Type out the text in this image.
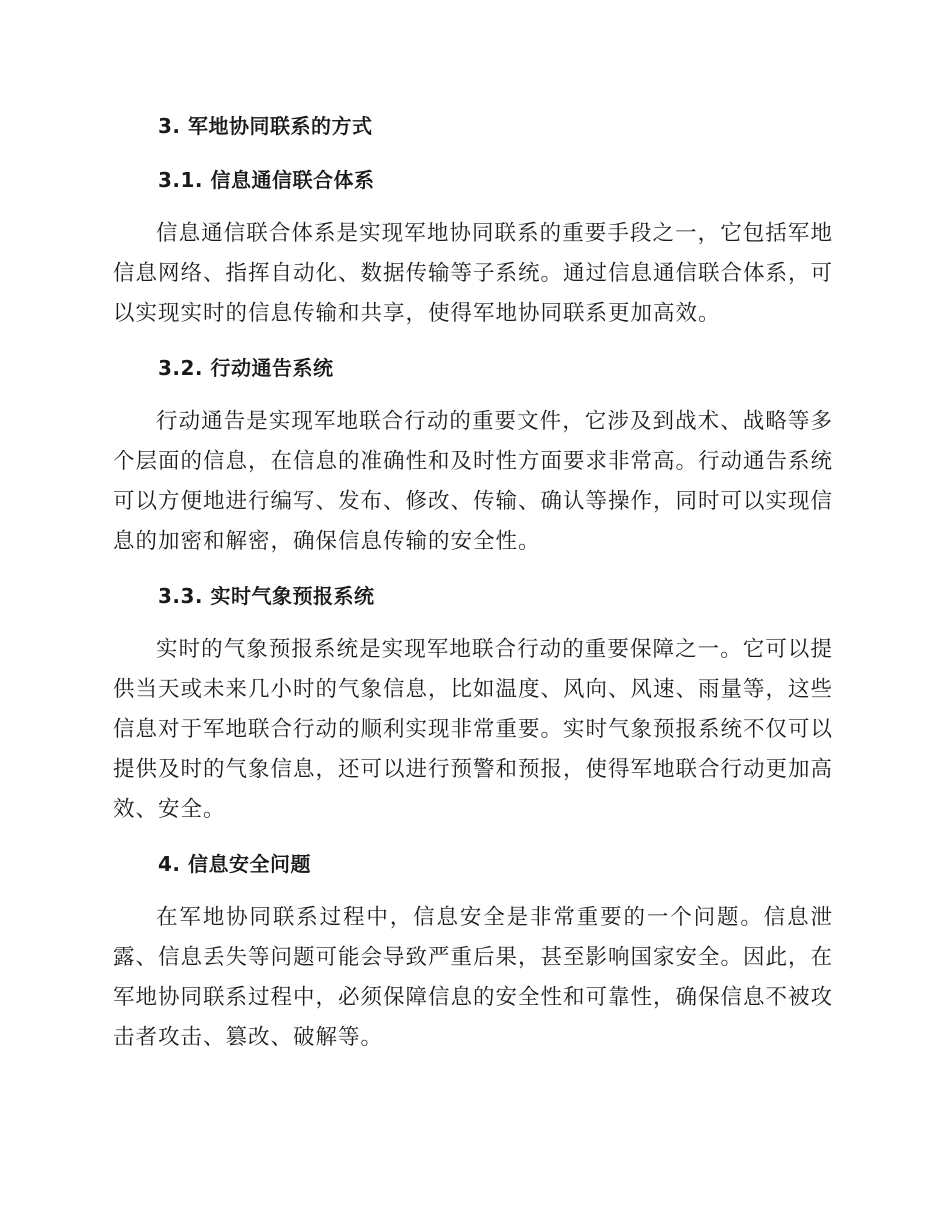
3. 军地协同联系的方式
3.1. 信息通信联合体系

信息通信联合体系是实现军地协同联系的重要手段之一，它包括军地信息网络、指挥自动化、数据传输等子系统。通过信息通信联合体系，可以实现实时的信息传输和共享，使得军地协同联系更加高效。

3.2. 行动通告系统

行动通告是实现军地联合行动的重要文件，它涉及到战术、战略等多个层面的信息，在信息的准确性和及时性方面要求非常高。行动通告系统可以方便地进行编写、发布、修改、传输、确认等操作，同时可以实现信息的加密和解密，确保信息传输的安全性。

3.3. 实时气象预报系统

实时的气象预报系统是实现军地联合行动的重要保障之一。它可以提供当天或未来几小时的气象信息，比如温度、风向、风速、雨量等，这些信息对于军地联合行动的顺利实现非常重要。实时气象预报系统不仅可以提供及时的气象信息，还可以进行预警和预报，使得军地联合行动更加高效、安全。

4. 信息安全问题

在军地协同联系过程中，信息安全是非常重要的一个问题。信息泄露、信息丢失等问题可能会导致严重后果，甚至影响国家安全。因此，在军地协同联系过程中，必须保障信息的安全性和可靠性，确保信息不被攻击者攻击、篡改、破解等。
